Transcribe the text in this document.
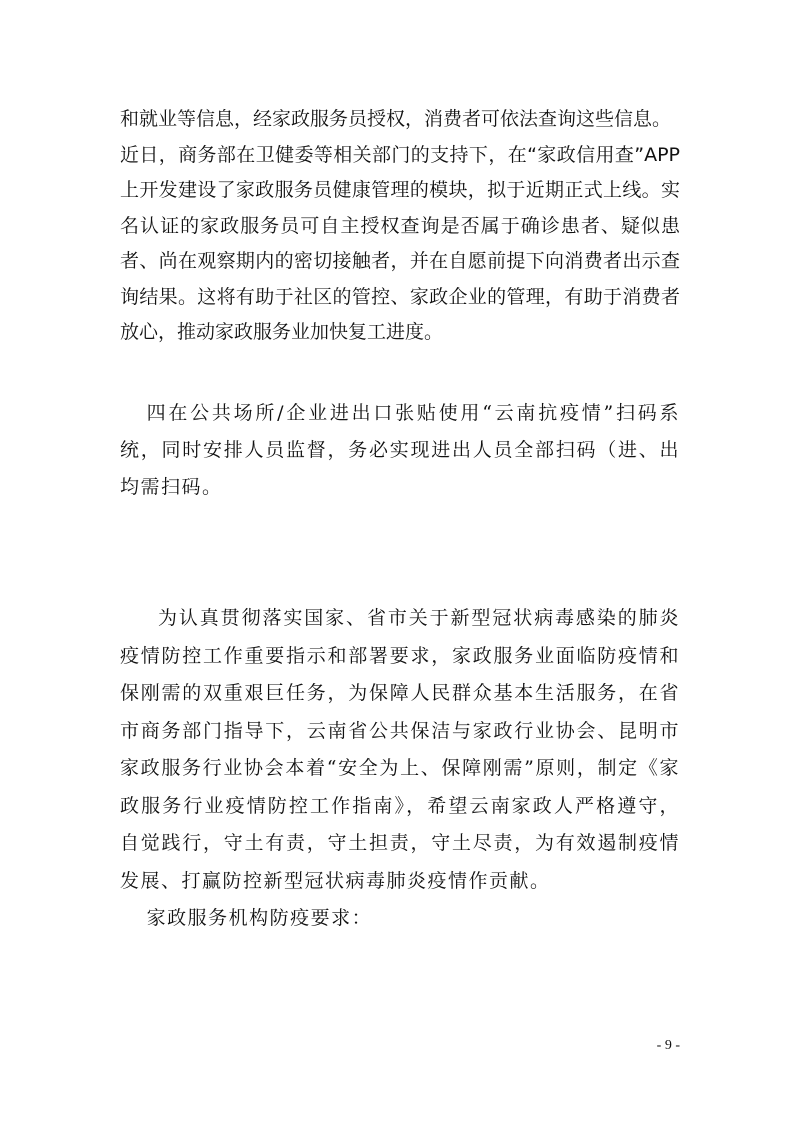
和就业等信息，经家政服务员授权，消费者可依法查询这些信息。

近日，商务部在卫健委等相关部门的支持下，在“家政信用查”APP上开发建设了家政服务员健康管理的模块，拟于近期正式上线。实名认证的家政服务员可自主授权查询是否属于确诊患者、疑似患者、尚在观察期内的密切接触者，并在自愿前提下向消费者出示查询结果。这将有助于社区的管控、家政企业的管理，有助于消费者放心，推动家政服务业加快复工进度。

四在公共场所/企业进出口张贴使用“云南抗疫情”扫码系统，同时安排人员监督，务必实现进出人员全部扫码（进、出均需扫码。

为认真贯彻落实国家、省市关于新型冠状病毒感染的肺炎疫情防控工作重要指示和部署要求，家政服务业面临防疫情和保刚需的双重艰巨任务，为保障人民群众基本生活服务，在省市商务部门指导下，云南省公共保洁与家政行业协会、昆明市家政服务行业协会本着“安全为上、保障刚需”原则，制定《家政服务行业疫情防控工作指南》，希望云南家政人严格遵守，自觉践行，守土有责，守土担责，守土尽责，为有效遏制疫情发展、打赢防控新型冠状病毒肺炎疫情作贡献。

家政服务机构防疫要求：

- 9 -
